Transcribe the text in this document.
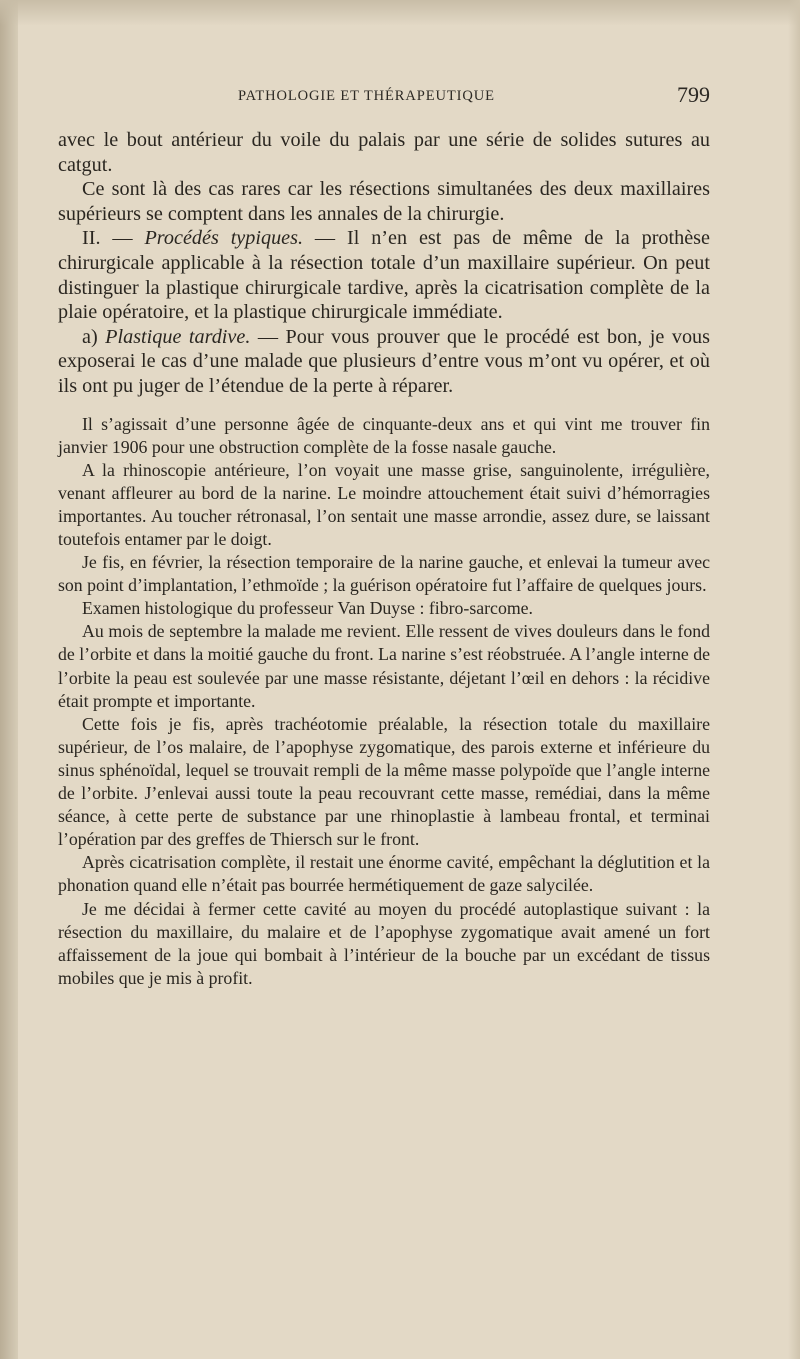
PATHOLOGIE ET THÉRAPEUTIQUE	799

avec le bout antérieur du voile du palais par une série de solides sutures au catgut.

Ce sont là des cas rares car les résections simultanées des deux maxillaires supérieurs se comptent dans les annales de la chirurgie.

II. — Procédés typiques. — Il n’en est pas de même de la prothèse chirurgicale applicable à la résection totale d’un maxillaire supérieur. On peut distinguer la plastique chirurgicale tardive, après la cicatrisation complète de la plaie opératoire, et la plastique chirurgicale immédiate.

a) Plastique tardive. — Pour vous prouver que le procédé est bon, je vous exposerai le cas d’une malade que plusieurs d’entre vous m’ont vu opérer, et où ils ont pu juger de l’étendue de la perte à réparer.

Il s’agissait d’une personne âgée de cinquante-deux ans et qui vint me trouver fin janvier 1906 pour une obstruction complète de la fosse nasale gauche.

A la rhinoscopie antérieure, l’on voyait une masse grise, sanguinolente, irrégulière, venant affleurer au bord de la narine. Le moindre attouchement était suivi d’hémorragies importantes. Au toucher rétronasal, l’on sentait une masse arrondie, assez dure, se laissant toutefois entamer par le doigt.

Je fis, en février, la résection temporaire de la narine gauche, et enlevai la tumeur avec son point d’implantation, l’ethmoïde ; la guérison opératoire fut l’affaire de quelques jours.

Examen histologique du professeur Van Duyse : fibro-sarcome.

Au mois de septembre la malade me revient. Elle ressent de vives douleurs dans le fond de l’orbite et dans la moitié gauche du front. La narine s’est réobstruée. A l’angle interne de l’orbite la peau est soulevée par une masse résistante, déjetant l’œil en dehors : la récidive était prompte et importante.

Cette fois je fis, après trachéotomie préalable, la résection totale du maxillaire supérieur, de l’os malaire, de l’apophyse zygomatique, des parois externe et inférieure du sinus sphénoïdal, lequel se trouvait rempli de la même masse polypoïde que l’angle interne de l’orbite. J’enlevai aussi toute la peau recouvrant cette masse, remédiai, dans la même séance, à cette perte de substance par une rhinoplastie à lambeau frontal, et terminai l’opération par des greffes de Thiersch sur le front.

Après cicatrisation complète, il restait une énorme cavité, empêchant la déglutition et la phonation quand elle n’était pas bourrée hermétiquement de gaze salycilée.

Je me décidai à fermer cette cavité au moyen du procédé autoplastique suivant : la résection du maxillaire, du malaire et de l’apophyse zygomatique avait amené un fort affaissement de la joue qui bombait à l’intérieur de la bouche par un excédant de tissus mobiles que je mis à profit.
